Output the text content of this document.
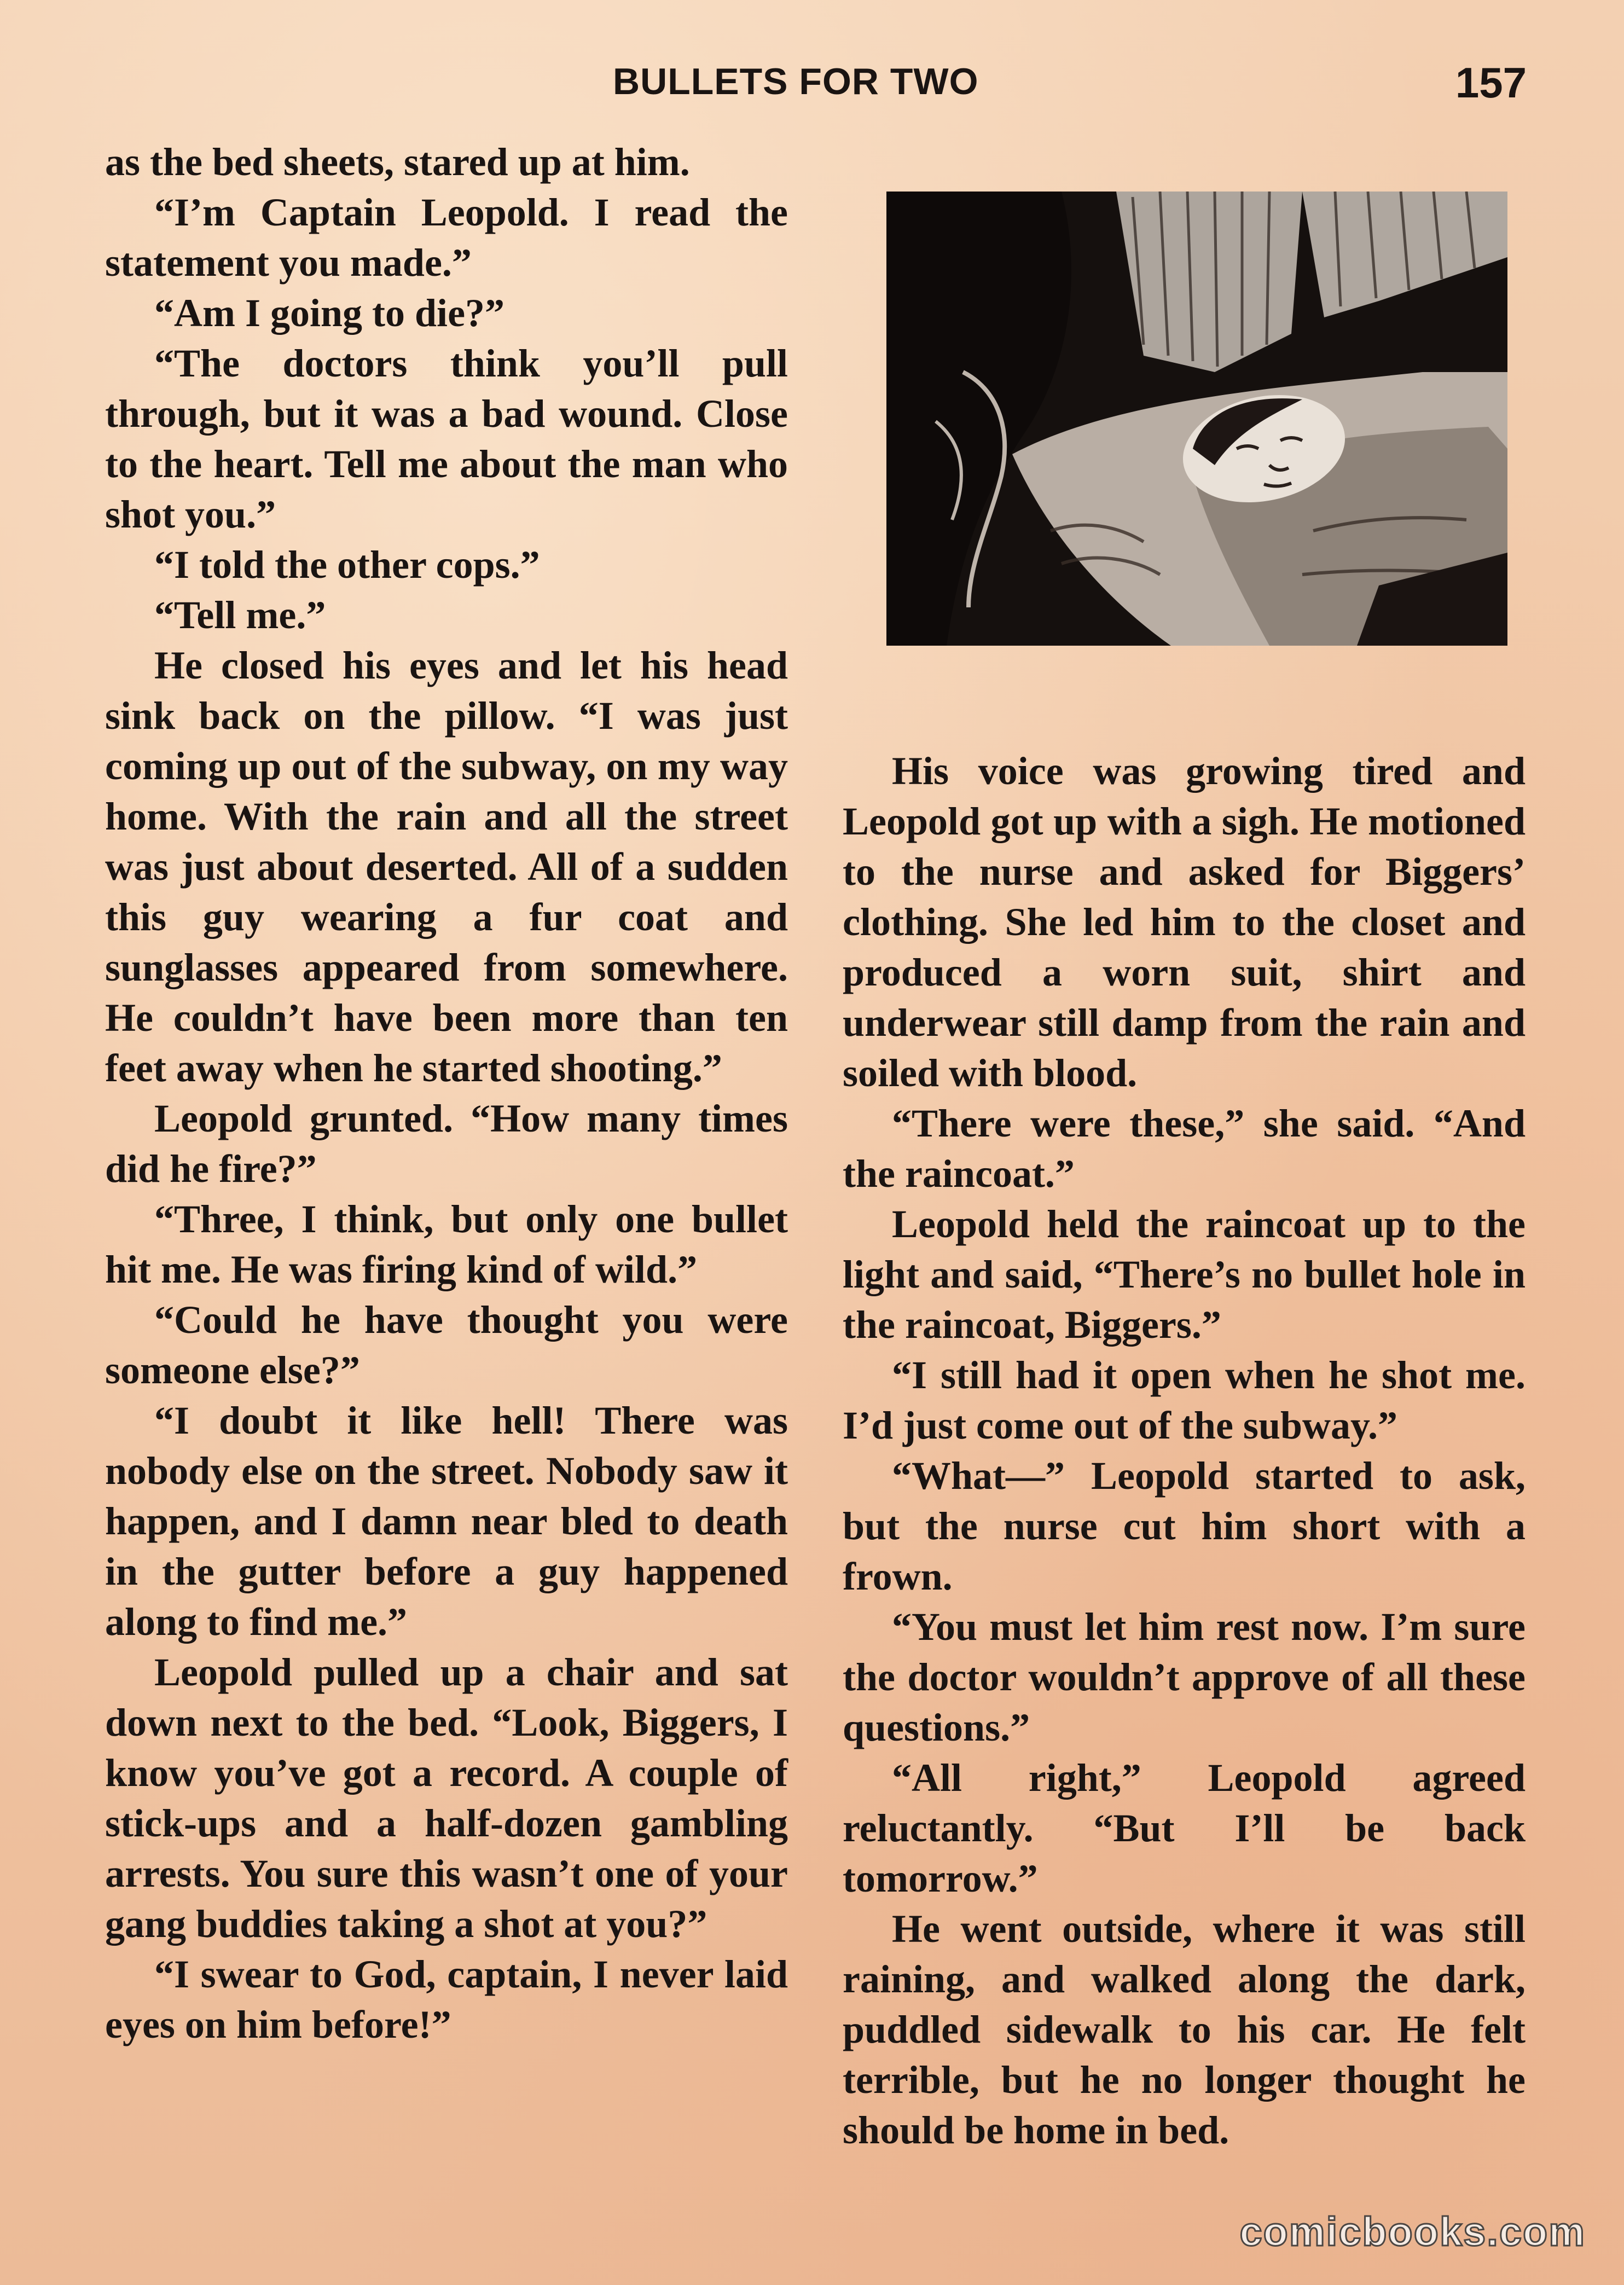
BULLETS FOR TWO	157

as the bed sheets, stared up at him.

“I’m Captain Leopold. I read the statement you made.”

“Am I going to die?”

“The doctors think you’ll pull through, but it was a bad wound. Close to the heart. Tell me about the man who shot you.”

“I told the other cops.”

“Tell me.”

He closed his eyes and let his head sink back on the pillow. “I was just coming up out of the subway, on my way home. With the rain and all the street was just about deserted. All of a sudden this guy wearing a fur coat and sunglasses appeared from somewhere. He couldn’t have been more than ten feet away when he started shooting.”

Leopold grunted. “How many times did he fire?”

“Three, I think, but only one bullet hit me. He was firing kind of wild.”

“Could he have thought you were someone else?”

“I doubt it like hell! There was nobody else on the street. Nobody saw it happen, and I damn near bled to death in the gutter before a guy happened along to find me.”

Leopold pulled up a chair and sat down next to the bed. “Look, Biggers, I know you’ve got a record. A couple of stick-ups and a half-dozen gambling arrests. You sure this wasn’t one of your gang buddies taking a shot at you?”

“I swear to God, captain, I never laid eyes on him before!”

His voice was growing tired and Leopold got up with a sigh. He motioned to the nurse and asked for Biggers’ clothing. She led him to the closet and produced a worn suit, shirt and underwear still damp from the rain and soiled with blood.

“There were these,” she said. “And the raincoat.”

Leopold held the raincoat up to the light and said, “There’s no bullet hole in the raincoat, Biggers.”

“I still had it open when he shot me. I’d just come out of the subway.”

“What—” Leopold started to ask, but the nurse cut him short with a frown.

“You must let him rest now. I’m sure the doctor wouldn’t approve of all these questions.”

“All right,” Leopold agreed reluctantly. “But I’ll be back tomorrow.”

He went outside, where it was still raining, and walked along the dark, puddled sidewalk to his car. He felt terrible, but he no longer thought he should be home in bed.

comicbooks.com
